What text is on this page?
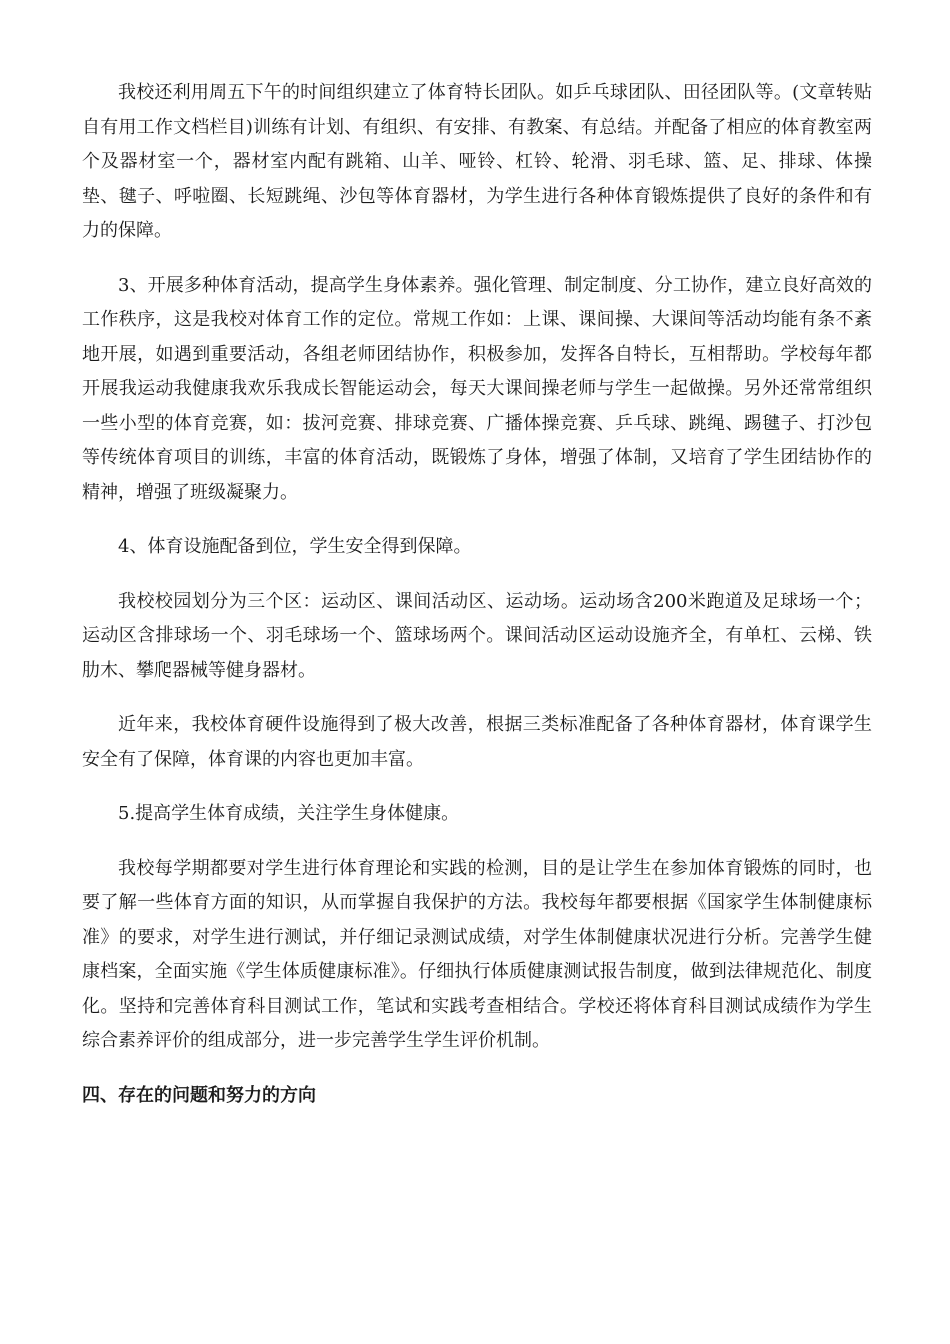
我校还利用周五下午的时间组织建立了体育特长团队。如乒乓球团队、田径团队等。(文章转贴自有用工作文档栏目)训练有计划、有组织、有安排、有教案、有总结。并配备了相应的体育教室两个及器材室一个，器材室内配有跳箱、山羊、哑铃、杠铃、轮滑、羽毛球、篮、足、排球、体操垫、毽子、呼啦圈、长短跳绳、沙包等体育器材，为学生进行各种体育锻炼提供了良好的条件和有力的保障。

3、开展多种体育活动，提高学生身体素养。强化管理、制定制度、分工协作，建立良好高效的工作秩序，这是我校对体育工作的定位。常规工作如：上课、课间操、大课间等活动均能有条不紊地开展，如遇到重要活动，各组老师团结协作，积极参加，发挥各自特长，互相帮助。学校每年都开展我运动我健康我欢乐我成长智能运动会，每天大课间操老师与学生一起做操。另外还常常组织一些小型的体育竞赛，如：拔河竞赛、排球竞赛、广播体操竞赛、乒乓球、跳绳、踢毽子、打沙包等传统体育项目的训练，丰富的体育活动，既锻炼了身体，增强了体制，又培育了学生团结协作的精神，增强了班级凝聚力。

4、体育设施配备到位，学生安全得到保障。

我校校园划分为三个区：运动区、课间活动区、运动场。运动场含200米跑道及足球场一个；运动区含排球场一个、羽毛球场一个、篮球场两个。课间活动区运动设施齐全，有单杠、云梯、铁肋木、攀爬器械等健身器材。

近年来，我校体育硬件设施得到了极大改善，根据三类标准配备了各种体育器材，体育课学生安全有了保障，体育课的内容也更加丰富。

5.提高学生体育成绩，关注学生身体健康。

我校每学期都要对学生进行体育理论和实践的检测，目的是让学生在参加体育锻炼的同时，也要了解一些体育方面的知识，从而掌握自我保护的方法。我校每年都要根据《国家学生体制健康标准》的要求，对学生进行测试，并仔细记录测试成绩，对学生体制健康状况进行分析。完善学生健康档案，全面实施《学生体质健康标准》。仔细执行体质健康测试报告制度，做到法律规范化、制度化。坚持和完善体育科目测试工作，笔试和实践考查相结合。学校还将体育科目测试成绩作为学生综合素养评价的组成部分，进一步完善学生学生评价机制。

四、存在的问题和努力的方向
